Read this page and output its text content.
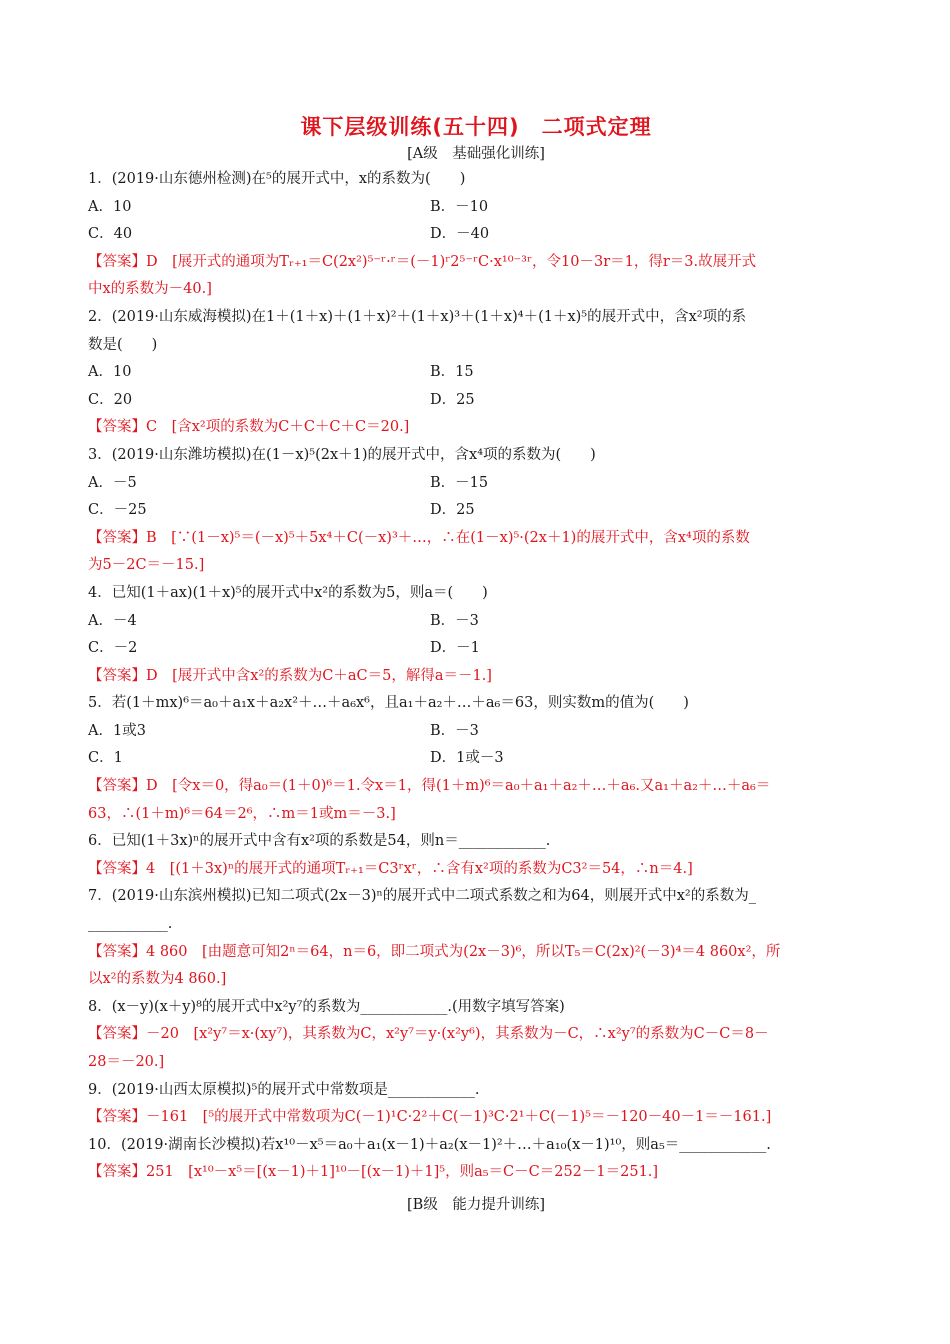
课下层级训练(五十四)　二项式定理
[A级　基础强化训练]
1．(2019·山东德州检测)在⁵的展开式中，x的系数为(　　)
A．10	B．－10
C．40	D．－40
【答案】D　[展开式的通项为Tᵣ₊₁＝C(2x²)⁵⁻ʳ·ʳ＝(－1)ʳ2⁵⁻ʳC·x¹⁰⁻³ʳ，令10－3r＝1，得r＝3.故展开式
中x的系数为－40.]
2．(2019·山东威海模拟)在1＋(1＋x)＋(1＋x)²＋(1＋x)³＋(1＋x)⁴＋(1＋x)⁵的展开式中，含x²项的系
数是(　　)
A．10	B．15
C．20	D．25
【答案】C　[含x²项的系数为C＋C＋C＋C＝20.]
3．(2019·山东潍坊模拟)在(1－x)⁵(2x＋1)的展开式中，含x⁴项的系数为(　　)
A．－5	B．－15
C．－25	D．25
【答案】B　[∵(1－x)⁵＝(－x)⁵＋5x⁴＋C(－x)³＋…，∴在(1－x)⁵·(2x＋1)的展开式中，含x⁴项的系数
为5－2C＝－15.]
4．已知(1＋ax)(1＋x)⁵的展开式中x²的系数为5，则a＝(　　)
A．－4	B．－3
C．－2	D．－1
【答案】D　[展开式中含x²的系数为C＋aC＝5，解得a＝－1.]
5．若(1＋mx)⁶＝a₀＋a₁x＋a₂x²＋…＋a₆x⁶，且a₁＋a₂＋…＋a₆＝63，则实数m的值为(　　)
A．1或3	B．－3
C．1	D．1或－3
【答案】D　[令x＝0，得a₀＝(1＋0)⁶＝1.令x＝1，得(1＋m)⁶＝a₀＋a₁＋a₂＋…＋a₆.又a₁＋a₂＋…＋a₆＝
63，∴(1＋m)⁶＝64＝2⁶，∴m＝1或m＝－3.]
6．已知(1＋3x)ⁿ的展开式中含有x²项的系数是54，则n＝____________.
【答案】4　[(1＋3x)ⁿ的展开式的通项Tᵣ₊₁＝C3ʳxʳ，∴含有x²项的系数为C3²＝54，∴n＝4.]
7．(2019·山东滨州模拟)已知二项式(2x－3)ⁿ的展开式中二项式系数之和为64，则展开式中x²的系数为_
___________.
【答案】4 860　[由题意可知2ⁿ＝64，n＝6，即二项式为(2x－3)⁶，所以T₅＝C(2x)²(－3)⁴＝4 860x²，所
以x²的系数为4 860.]
8．(x－y)(x＋y)⁸的展开式中x²y⁷的系数为____________.(用数字填写答案)
【答案】－20　[x²y⁷＝x·(xy⁷)，其系数为C，x²y⁷＝y·(x²y⁶)，其系数为－C，∴x²y⁷的系数为C－C＝8－
28＝－20.]
9．(2019·山西太原模拟)⁵的展开式中常数项是____________.
【答案】－161　[⁵的展开式中常数项为C(－1)¹C·2²＋C(－1)³C·2¹＋C(－1)⁵＝－120－40－1＝－161.]
10．(2019·湖南长沙模拟)若x¹⁰－x⁵＝a₀＋a₁(x－1)＋a₂(x－1)²＋…＋a₁₀(x－1)¹⁰，则a₅＝____________.
【答案】251　[x¹⁰－x⁵＝[(x－1)＋1]¹⁰－[(x－1)＋1]⁵，则a₅＝C－C＝252－1＝251.]
[B级　能力提升训练]
